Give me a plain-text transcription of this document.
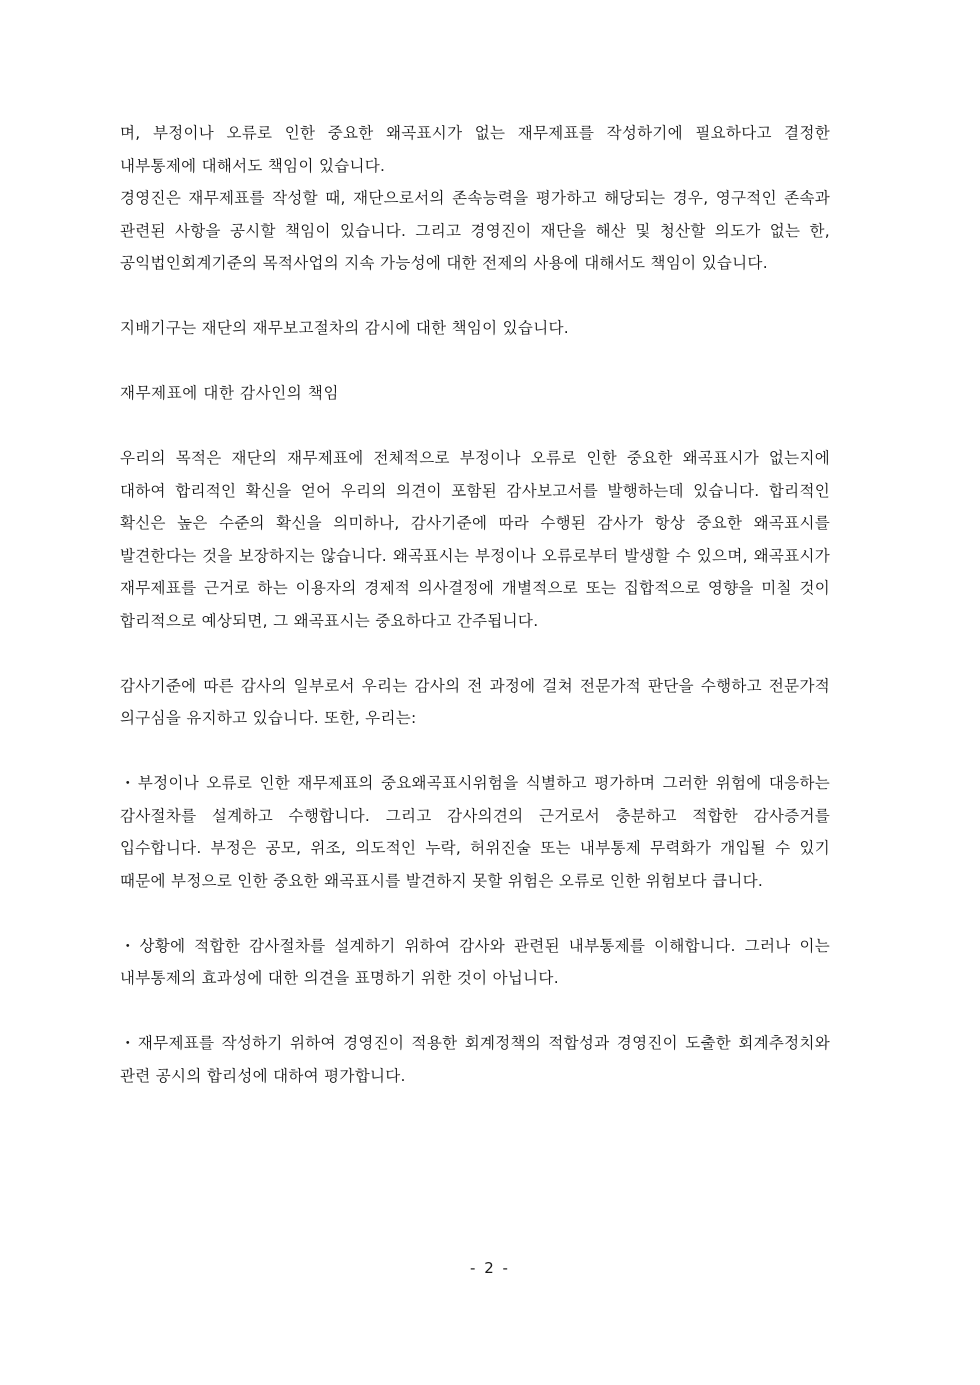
며, 부정이나 오류로 인한 중요한 왜곡표시가 없는 재무제표를 작성하기에 필요하다고 결정한 내부통제에 대해서도 책임이 있습니다.

경영진은 재무제표를 작성할 때, 재단으로서의 존속능력을 평가하고 해당되는 경우, 영구적인 존속과 관련된 사항을 공시할 책임이 있습니다. 그리고 경영진이 재단을 해산 및 청산할 의도가 없는 한, 공익법인회계기준의 목적사업의 지속 가능성에 대한 전제의 사용에 대해서도 책임이 있습니다.

지배기구는 재단의 재무보고절차의 감시에 대한 책임이 있습니다.

재무제표에 대한 감사인의 책임

우리의 목적은 재단의 재무제표에 전체적으로 부정이나 오류로 인한 중요한 왜곡표시가 없는지에 대하여 합리적인 확신을 얻어 우리의 의견이 포함된 감사보고서를 발행하는데 있습니다. 합리적인 확신은 높은 수준의 확신을 의미하나, 감사기준에 따라 수행된 감사가 항상 중요한 왜곡표시를 발견한다는 것을 보장하지는 않습니다. 왜곡표시는 부정이나 오류로부터 발생할 수 있으며, 왜곡표시가 재무제표를 근거로 하는 이용자의 경제적 의사결정에 개별적으로 또는 집합적으로 영향을 미칠 것이 합리적으로 예상되면, 그 왜곡표시는 중요하다고 간주됩니다.

감사기준에 따른 감사의 일부로서 우리는 감사의 전 과정에 걸쳐 전문가적 판단을 수행하고 전문가적 의구심을 유지하고 있습니다. 또한, 우리는:

・부정이나 오류로 인한 재무제표의 중요왜곡표시위험을 식별하고 평가하며 그러한 위험에 대응하는 감사절차를 설계하고 수행합니다. 그리고 감사의견의 근거로서 충분하고 적합한 감사증거를 입수합니다. 부정은 공모, 위조, 의도적인 누락, 허위진술 또는 내부통제 무력화가 개입될 수 있기 때문에 부정으로 인한 중요한 왜곡표시를 발견하지 못할 위험은 오류로 인한 위험보다 큽니다.

・상황에 적합한 감사절차를 설계하기 위하여 감사와 관련된 내부통제를 이해합니다. 그러나 이는 내부통제의 효과성에 대한 의견을 표명하기 위한 것이 아닙니다.

・재무제표를 작성하기 위하여 경영진이 적용한 회계정책의 적합성과 경영진이 도출한 회계추정치와 관련 공시의 합리성에 대하여 평가합니다.

- 2 -
